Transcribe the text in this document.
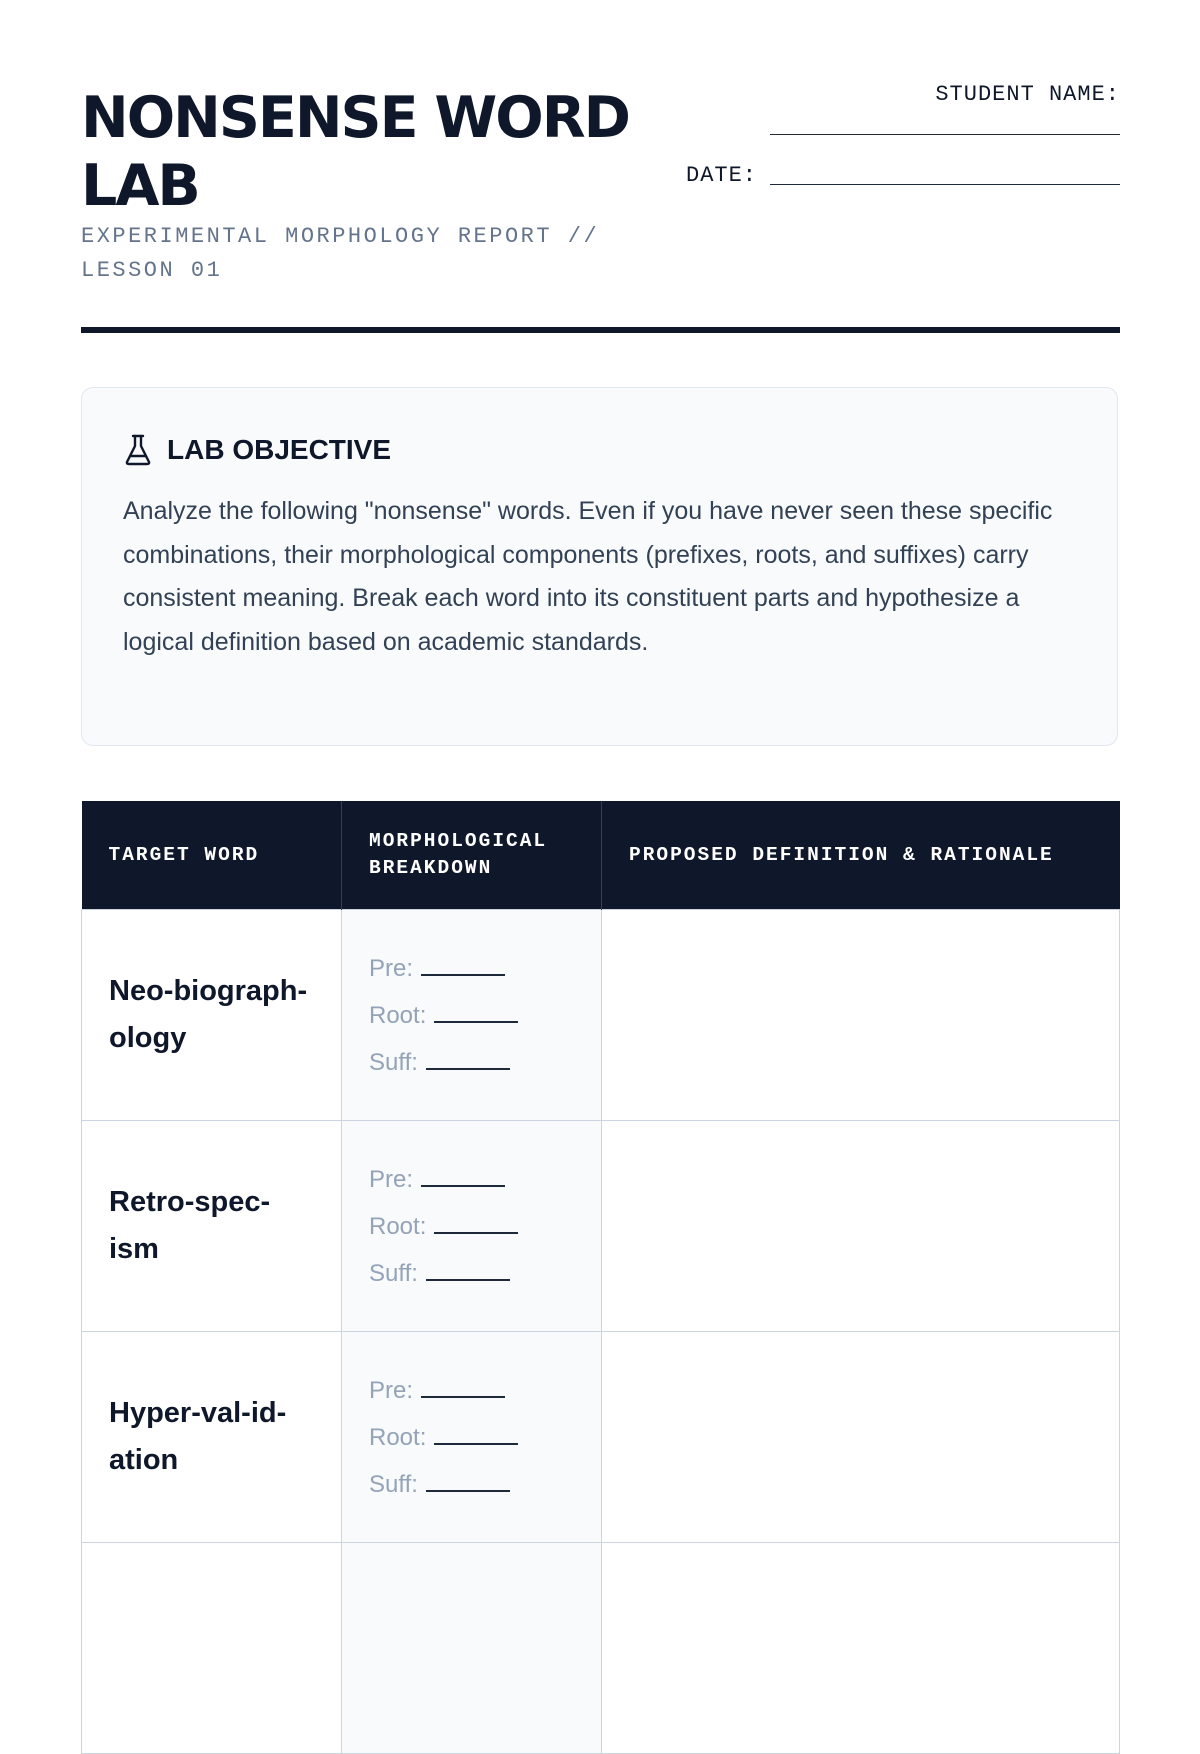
NONSENSE WORD LAB
EXPERIMENTAL MORPHOLOGY REPORT // LESSON 01
STUDENT NAME:
DATE:
LAB OBJECTIVE

Analyze the following "nonsense" words. Even if you have never seen these specific combinations, their morphological components (prefixes, roots, and suffixes) carry consistent meaning. Break each word into its constituent parts and hypothesize a logical definition based on academic standards.

TARGET WORD	MORPHOLOGICAL BREAKDOWN	PROPOSED DEFINITION & RATIONALE

Neo-biograph-ology	Pre:
Root:
Suff:	

Retro-spec-ism	Pre:
Root:
Suff:	

Hyper-val-id-ation	Pre:
Root:
Suff:	
